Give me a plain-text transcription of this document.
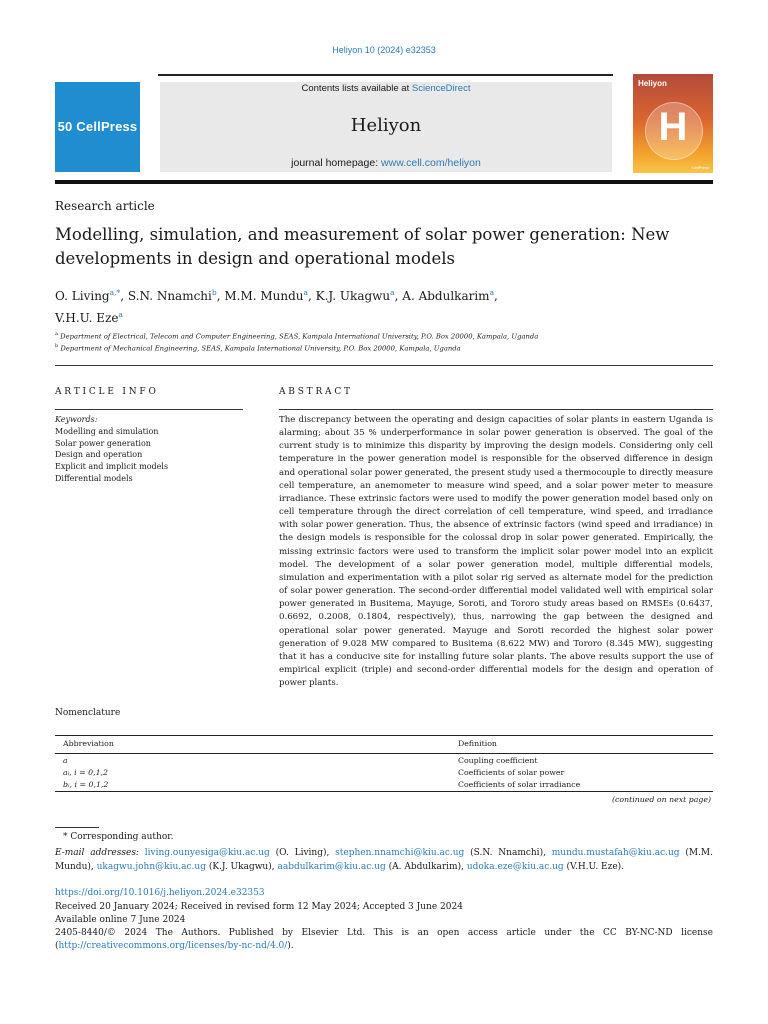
Heliyon 10 (2024) e32353
50 CellPress
Contents lists available at ScienceDirect
Heliyon
journal homepage: www.cell.com/heliyon
Heliyon
H
CellPress
Research article
Modelling, simulation, and measurement of solar power generation: New developments in design and operational models
O. Living$^{a,*}$, S.N. Nnamchi$^b$, M.M. Mundu$^a$, K.J. Ukagwu$^a$, A. Abdulkarim$^a$,
V.H.U. Eze$^a$
$^a$ Department of Electrical, Telecom and Computer Engineering, SEAS, Kampala International University, P.O. Box 20000, Kampala, Uganda
$^b$ Department of Mechanical Engineering, SEAS, Kampala International University, P.O. Box 20000, Kampala, Uganda
ARTICLE INFO	ABSTRACT
Keywords:
Modelling and simulation
Solar power generation
Design and operation
Explicit and implicit models
Differential models
The discrepancy between the operating and design capacities of solar plants in eastern Uganda is alarming; about 35 % underperformance in solar power generation is observed. The goal of the current study is to minimize this disparity by improving the design models. Considering only cell temperature in the power generation model is responsible for the observed difference in design and operational solar power generated, the present study used a thermocouple to directly measure cell temperature, an anemometer to measure wind speed, and a solar power meter to measure irradiance. These extrinsic factors were used to modify the power generation model based only on cell temperature through the direct correlation of cell temperature, wind speed, and irradiance with solar power generation. Thus, the absence of extrinsic factors (wind speed and irradiance) in the design models is responsible for the colossal drop in solar power generated. Empirically, the missing extrinsic factors were used to transform the implicit solar power model into an explicit model. The development of a solar power generation model, multiple differential models, simulation and experimentation with a pilot solar rig served as alternate model for the prediction of solar power generation. The second-order differential model validated well with empirical solar power generated in Busitema, Mayuge, Soroti, and Tororo study areas based on RMSEs (0.6437, 0.6692, 0.2008, 0.1804, respectively), thus, narrowing the gap between the designed and operational solar power generated. Mayuge and Soroti recorded the highest solar power generation of 9.028 MW compared to Busitema (8.622 MW) and Tororo (8.345 MW), suggesting that it has a conducive site for installing future solar plants. The above results support the use of empirical explicit (triple) and second-order differential models for the design and operation of power plants.
Nomenclature
Abbreviation	Definition
a	Coupling coefficient
aᵢ, i = 0,1,2	Coefficients of solar power
bᵢ, i = 0,1,2	Coefficients of solar irradiance
(continued on next page)
* Corresponding author.
E-mail addresses: living.ounyesiga@kiu.ac.ug (O. Living), stephen.nnamchi@kiu.ac.ug (S.N. Nnamchi), mundu.mustafah@kiu.ac.ug (M.M. Mundu), ukagwu.john@kiu.ac.ug (K.J. Ukagwu), aabdulkarim@kiu.ac.ug (A. Abdulkarim), udoka.eze@kiu.ac.ug (V.H.U. Eze).
https://doi.org/10.1016/j.heliyon.2024.e32353
Received 20 January 2024; Received in revised form 12 May 2024; Accepted 3 June 2024
Available online 7 June 2024
2405-8440/© 2024 The Authors. Published by Elsevier Ltd. This is an open access article under the CC BY-NC-ND license (http://creativecommons.org/licenses/by-nc-nd/4.0/).
